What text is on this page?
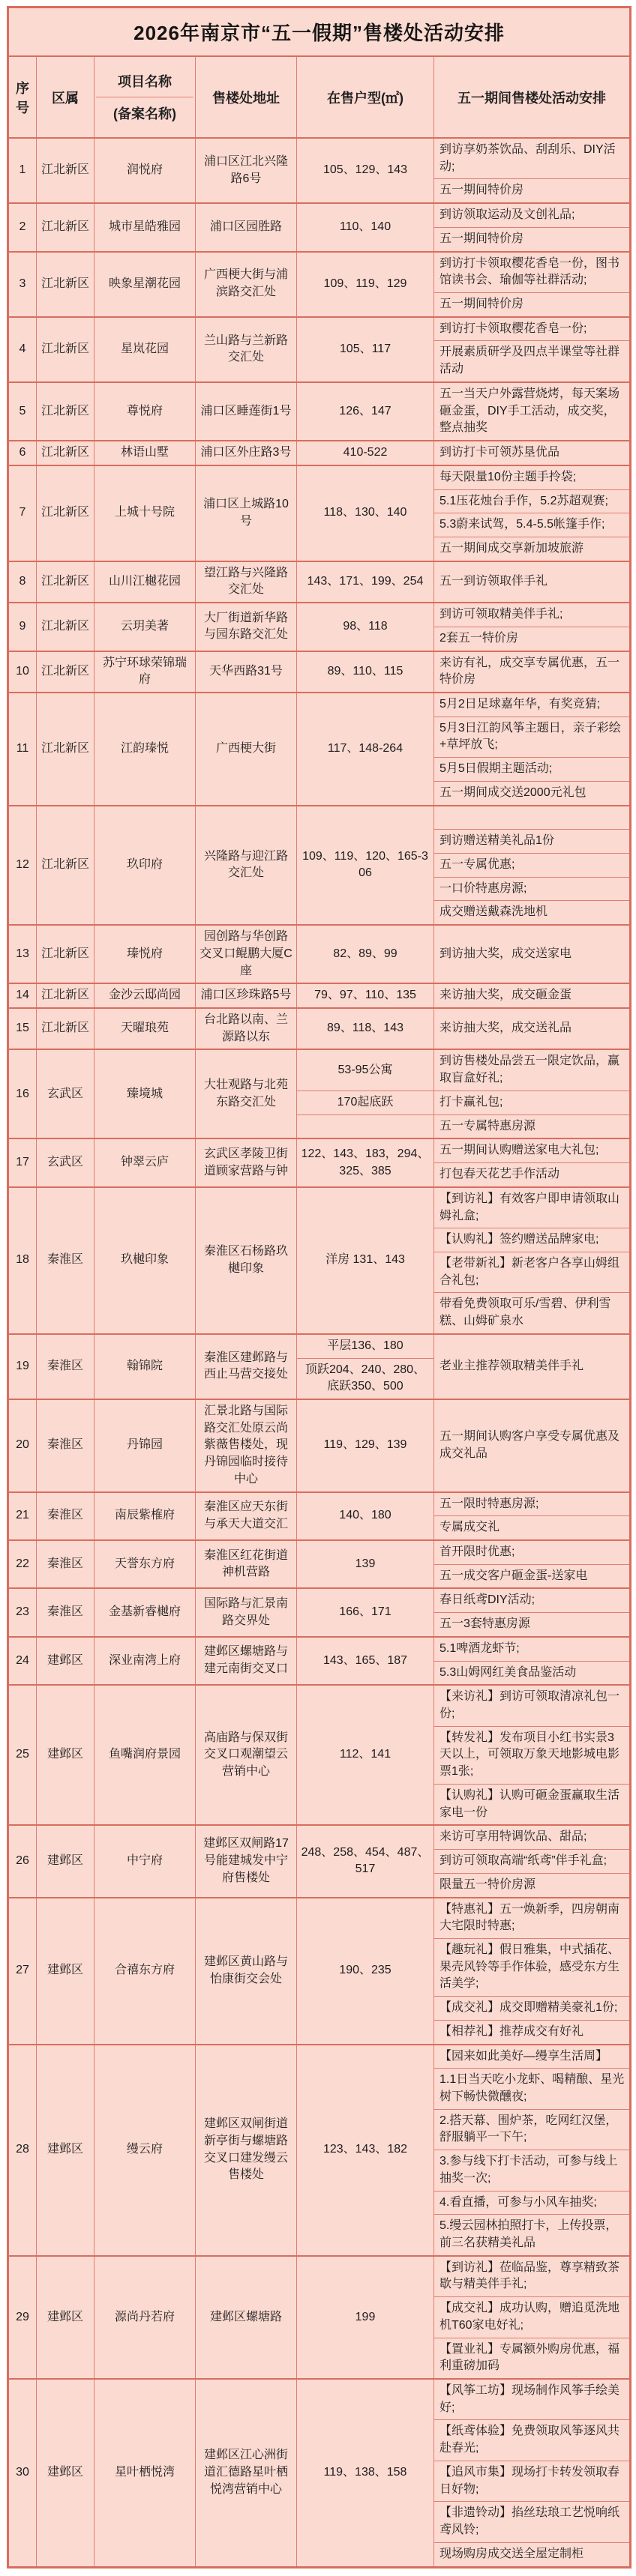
2026年南京市“五一假期”售楼处活动安排					
序号	区属	项目名称
(备案名称)	售楼处地址	在售户型(㎡)	五一期间售楼处活动安排
1	江北新区	润悦府	浦口区江北兴隆路6号	105、129、143	到访享奶茶饮品、刮刮乐、DIY活动;
					五一期间特价房
2	江北新区	城市星皓雅园	浦口区园胜路	110、140	到访领取运动及文创礼品;
					五一期间特价房
3	江北新区	映象星潮花园	广西梗大街与浦滨路交汇处	109、119、129	到访打卡领取樱花香皂一份，图书馆读书会、瑜伽等社群活动;
					五一期间特价房
4	江北新区	星岚花园	兰山路与兰新路交汇处	105、117	到访打卡领取樱花香皂一份;
					开展素质研学及四点半课堂等社群活动
5	江北新区	尊悦府	浦口区睡莲街1号	126、147	五一当天户外露营烧烤，每天案场砸金蛋，DIY手工活动，成交奖，整点抽奖
6	江北新区	林语山墅	浦口区外庄路3号	410-522	到访打卡可领苏垦优品
7	江北新区	上城十号院	浦口区上城路10号	118、130、140	每天限量10份主题手拎袋;
					5.1压花烛台手作，5.2苏超观赛;
					5.3蔚来试驾，5.4-5.5帐篷手作;
					五一期间成交享新加坡旅游
8	江北新区	山川江樾花园	望江路与兴隆路交汇处	143、171、199、254	五一到访领取伴手礼
9	江北新区	云玥美著	大厂街道新华路与园东路交汇处	98、118	到访可领取精美伴手礼;
					2套五一特价房
10	江北新区	苏宁环球荣锦瑞府	天华西路31号	89、110、115	来访有礼，成交享专属优惠，五一特价房
11	江北新区	江韵瑧悦	广西梗大街	117、148-264	5月2日足球嘉年华，有奖竞猜;
					5月3日江韵风筝主题日，亲子彩绘+草坪放飞;
					5月5日假期主题活动;
					五一期间成交送2000元礼包
12	江北新区	玖印府	兴隆路与迎江路交汇处	109、119、120、165-306	
					到访赠送精美礼品1份
					五一专属优惠;
					一口价特惠房源;
					成交赠送戴森洗地机
13	江北新区	瑧悦府	园创路与华创路交叉口鲲鹏大厦C座	82、89、99	到访抽大奖，成交送家电
14	江北新区	金沙云邸尚园	浦口区珍珠路5号	79、97、110、135	来访抽大奖，成交砸金蛋
15	江北新区	天曜琅苑	台北路以南、兰源路以东	89、118、143	来访抽大奖，成交送礼品
16	玄武区	臻境城	大壮观路与北苑东路交汇处	53-95公寓	到访售楼处品尝五一限定饮品，赢取盲盒好礼;
				170起底跃	打卡赢礼包;
					五一专属特惠房源
17	玄武区	钟翠云庐	玄武区孝陵卫街道顾家营路与钟	122、143、183，294、325、385	五一期间认购赠送家电大礼包;
					打包春天花艺手作活动
18	秦淮区	玖樾印象	秦淮区石杨路玖樾印象	洋房 131、143	【到访礼】有效客户即申请领取山姆礼盒;
					【认购礼】签约赠送品牌家电;
					【老带新礼】新老客户各享山姆组合礼包;
					带看免费领取可乐/雪碧、伊利雪糕、山姆矿泉水
19	秦淮区	翰锦院	秦淮区建邺路与西止马营交接处	平层136、180	老业主推荐领取精美伴手礼
				顶跃204、240、280、底跃350、500	
20	秦淮区	丹锦园	汇景北路与国际路交汇处原云尚紫薇售楼处，现丹锦园临时接待中心	119、129、139	五一期间认购客户享受专属优惠及成交礼品
21	秦淮区	南辰紫榷府	秦淮区应天东街与承天大道交汇	140、180	五一限时特惠房源;
					专属成交礼
22	秦淮区	天誉东方府	秦淮区红花街道神机营路	139	首开限时优惠;
					五一成交客户砸金蛋-送家电
23	秦淮区	金基新睿樾府	国际路与汇景南路交界处	166、171	春日纸鸢DIY活动;
					五一3套特惠房源
24	建邺区	深业南湾上府	建邺区螺塘路与建元南街交叉口	143、165、187	5.1啤酒龙虾节;
					5.3山姆网红美食品鉴活动
25	建邺区	鱼嘴润府景园	高庙路与保双街交叉口观潮望云营销中心	112、141	【来访礼】到访可领取清凉礼包一份;
					【转发礼】发布项目小红书实景3天以上，可领取万象天地影城电影票1张;
					【认购礼】认购可砸金蛋赢取生活家电一份
26	建邺区	中宁府	建邺区双闸路17号能建城发中宁府售楼处	248、258、454、487、517	来访可享用特调饮品、甜品;
					到访可领取高端“纸鸢”伴手礼盒;
					限量五一特价房源
27	建邺区	合禧东方府	建邺区黄山路与怡康街交会处	190、235	【特惠礼】五一焕新季，四房朝南大宅限时特惠;
					【趣玩礼】假日雅集，中式插花、果壳风铃等手作体验，感受东方生活美学;
					【成交礼】成交即赠精美豪礼1份;
					【相荐礼】推荐成交有好礼
28	建邺区	缦云府	建邺区双闸街道新亭街与螺塘路交叉口建发缦云售楼处	123、143、182	【园来如此美好—缦享生活周】
					1.1日当天吃小龙虾、喝精酿、星光树下畅快微醺夜;
					2.搭天幕、围炉茶，吃网红汉堡，舒服躺平一下午;
					3.参与线下打卡活动，可参与线上抽奖一次;
					4.看直播，可参与小风车抽奖;
					5.缦云园林拍照打卡，上传投票，前三名获精美礼品
29	建邺区	源尚丹若府	建邺区螺塘路	199	【到访礼】莅临品鉴，尊享精致茶歇与精美伴手礼;
					【成交礼】成功认购，赠追觅洗地机T60家电好礼;
					【置业礼】专属额外购房优惠，福利重磅加码
30	建邺区	星叶栖悦湾	建邺区江心洲街道汇德路星叶栖悦湾营销中心	119、138、158	【风筝工坊】现场制作风筝手绘美好;
					【纸鸢体验】免费领取风筝逐风共赴春光;
					【追风市集】现场打卡转发领取春日好物;
					【非遗铃动】掐丝珐琅工艺悦响纸鸢风铃;
					现场购房成交送全屋定制柜
